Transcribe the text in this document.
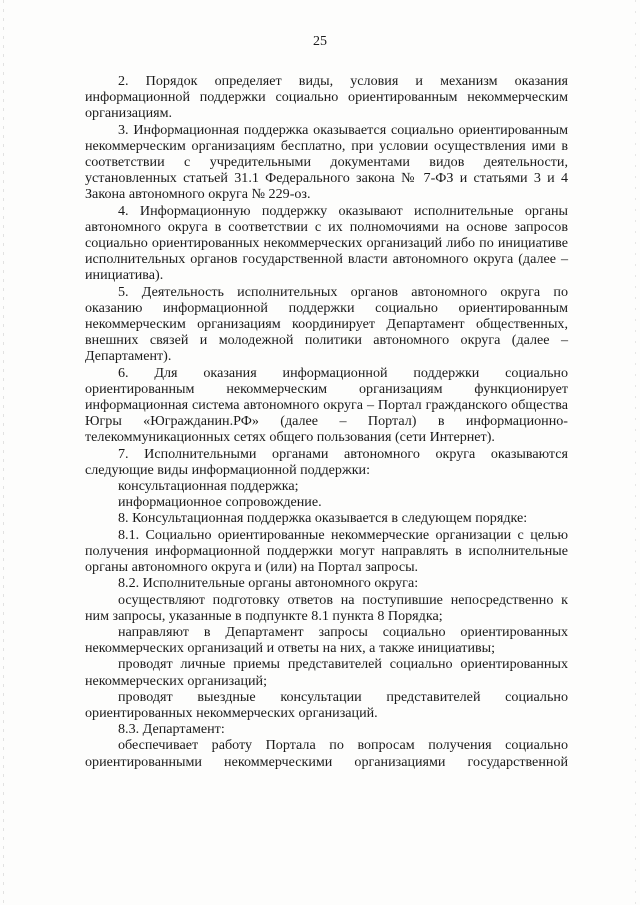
25

2. Порядок определяет виды, условия и механизм оказания информационной поддержки социально ориентированным некоммерческим организациям.

3. Информационная поддержка оказывается социально ориентированным некоммерческим организациям бесплатно, при условии осуществления ими в соответствии с учредительными документами видов деятельности, установленных статьей 31.1 Федерального закона № 7-ФЗ и статьями 3 и 4 Закона автономного округа № 229-оз.

4. Информационную поддержку оказывают исполнительные органы автономного округа в соответствии с их полномочиями на основе запросов социально ориентированных некоммерческих организаций либо по инициативе исполнительных органов государственной власти автономного округа (далее – инициатива).

5. Деятельность исполнительных органов автономного округа по оказанию информационной поддержки социально ориентированным некоммерческим организациям координирует Департамент общественных, внешних связей и молодежной политики автономного округа (далее – Департамент).

6. Для оказания информационной поддержки социально ориентированным некоммерческим организациям функционирует информационная система автономного округа – Портал гражданского общества Югры «Югражданин.РФ» (далее – Портал) в информационно-телекоммуникационных сетях общего пользования (сети Интернет).

7. Исполнительными органами автономного округа оказываются следующие виды информационной поддержки:

консультационная поддержка;

информационное сопровождение.

8. Консультационная поддержка оказывается в следующем порядке:

8.1. Социально ориентированные некоммерческие организации с целью получения информационной поддержки могут направлять в исполнительные органы автономного округа и (или) на Портал запросы.

8.2. Исполнительные органы автономного округа:

осуществляют подготовку ответов на поступившие непосредственно к ним запросы, указанные в подпункте 8.1 пункта 8 Порядка;

направляют в Департамент запросы социально ориентированных некоммерческих организаций и ответы на них, а также инициативы;

проводят личные приемы представителей социально ориентированных некоммерческих организаций;

проводят выездные консультации представителей социально ориентированных некоммерческих организаций.

8.3. Департамент:

обеспечивает работу Портала по вопросам получения социально ориентированными некоммерческими организациями государственной
